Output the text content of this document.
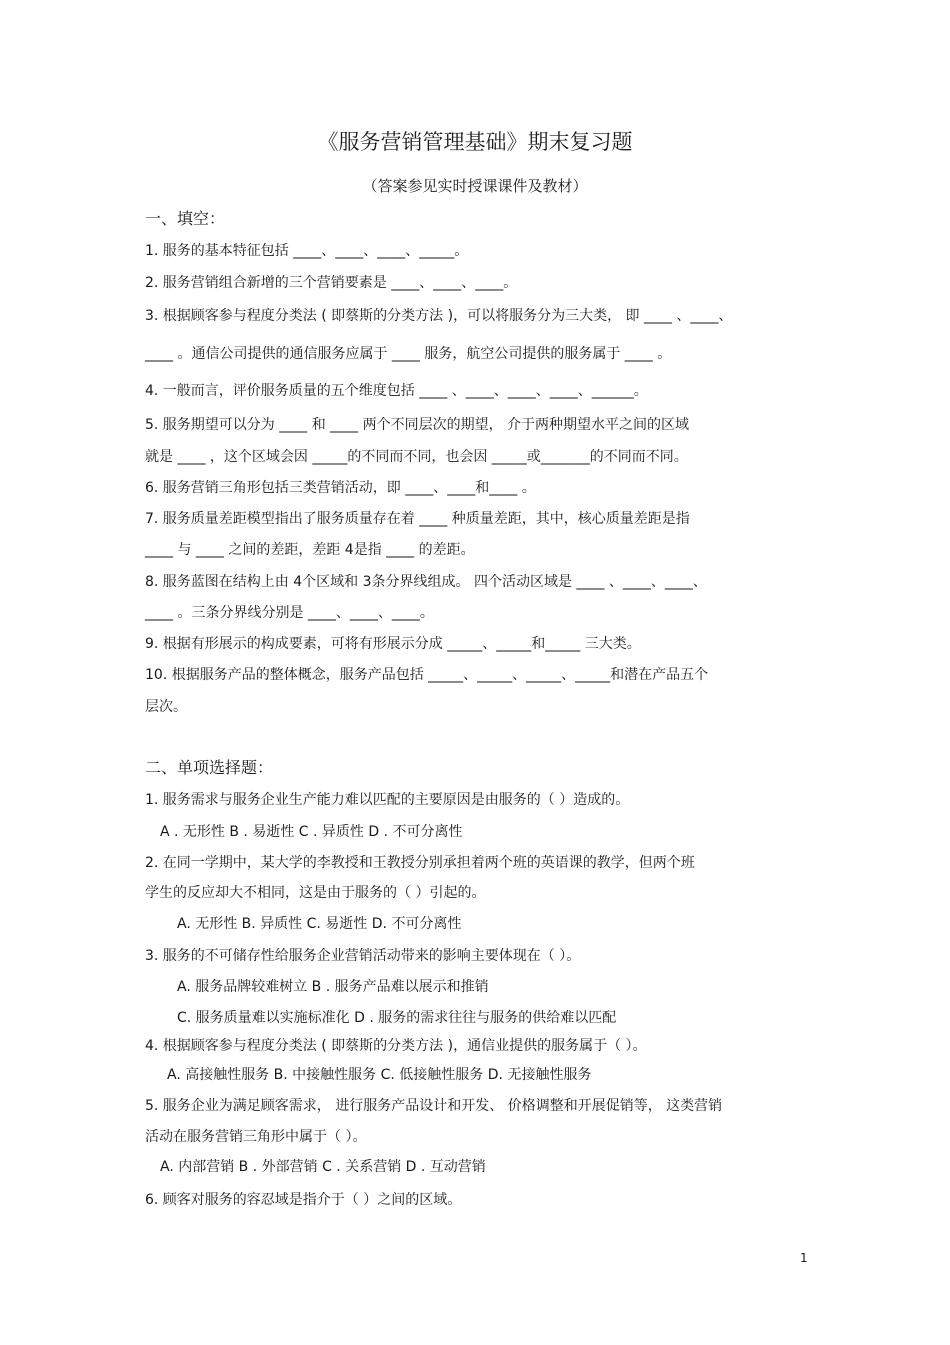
《服务营销管理基础》期末复习题
（答案参见实时授课课件及教材）
一、填空：
1. 服务的基本特征包括 ____、____、____、_____。
2. 服务营销组合新增的三个营销要素是 ____、____、____。
3. 根据顾客参与程度分类法 ( 即蔡斯的分类方法 )，可以将服务分为三大类， 即 ____ 、____、
____ 。通信公司提供的通信服务应属于 ____ 服务，航空公司提供的服务属于 ____ 。
4. 一般而言，评价服务质量的五个维度包括 ____ 、____、____、____、______。
5. 服务期望可以分为 ____ 和 ____ 两个不同层次的期望， 介于两种期望水平之间的区域
就是 ____ ，这个区域会因 _____的不同而不同，也会因 _____或_______的不同而不同。
6. 服务营销三角形包括三类营销活动，即 ____、____和____ 。
7. 服务质量差距模型指出了服务质量存在着 ____ 种质量差距，其中，核心质量差距是指
____ 与 ____ 之间的差距，差距 4是指 ____ 的差距。
8. 服务蓝图在结构上由 4个区域和 3条分界线组成。 四个活动区域是 ____ 、____、____、
____ 。三条分界线分别是 ____、____、____。
9. 根据有形展示的构成要素，可将有形展示分成 _____、_____和_____ 三大类。
10. 根据服务产品的整体概念，服务产品包括 _____、_____、_____、_____和潜在产品五个
层次。
二、单项选择题：
1. 服务需求与服务企业生产能力难以匹配的主要原因是由服务的（ ）造成的。
A . 无形性 B . 易逝性 C . 异质性 D . 不可分离性
2. 在同一学期中，某大学的李教授和王教授分别承担着两个班的英语课的教学，但两个班
学生的反应却大不相同，这是由于服务的（ ）引起的。
A. 无形性 B. 异质性 C. 易逝性 D. 不可分离性
3. 服务的不可储存性给服务企业营销活动带来的影响主要体现在（ ）。
A. 服务品牌较难树立 B . 服务产品难以展示和推销
C. 服务质量难以实施标准化 D . 服务的需求往往与服务的供给难以匹配
4. 根据顾客参与程度分类法 ( 即蔡斯的分类方法 )，通信业提供的服务属于（ ）。
A. 高接触性服务 B. 中接触性服务 C. 低接触性服务 D. 无接触性服务
5. 服务企业为满足顾客需求， 进行服务产品设计和开发、 价格调整和开展促销等， 这类营销
活动在服务营销三角形中属于（ ）。
A. 内部营销 B . 外部营销 C . 关系营销 D . 互动营销
6. 顾客对服务的容忍域是指介于（ ）之间的区域。
1
